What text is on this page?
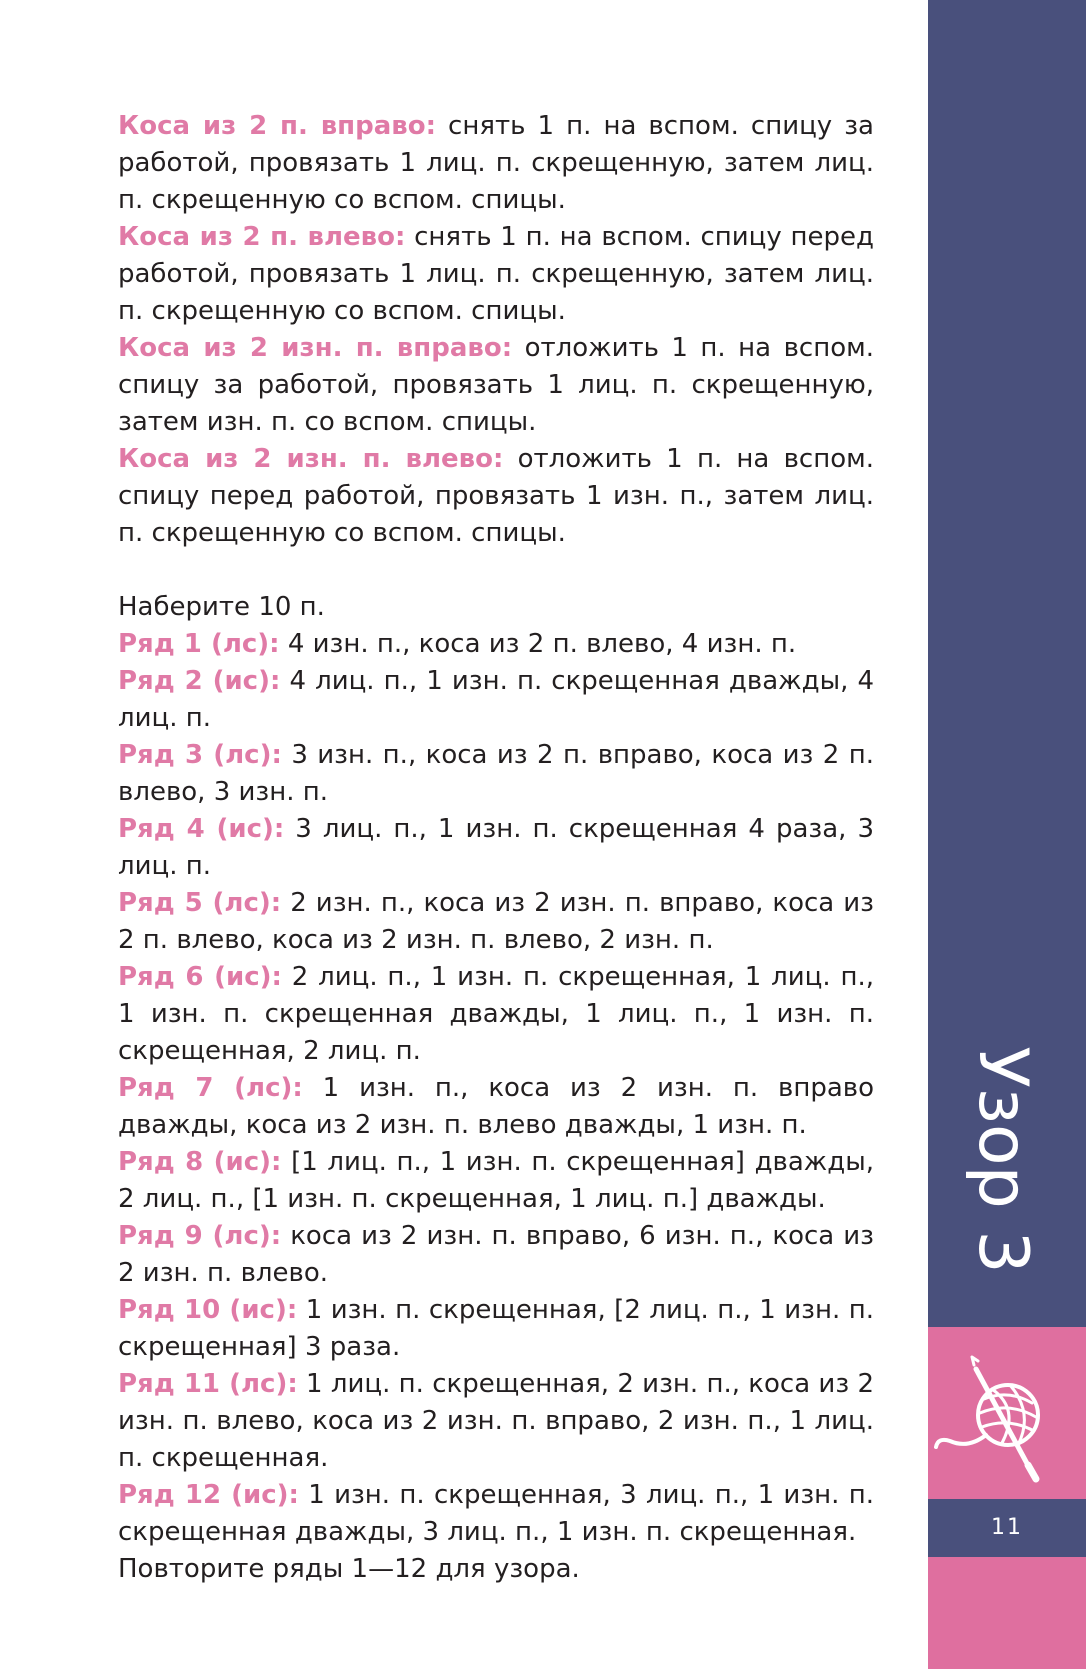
Коса из 2 п. вправо: снять 1 п. на вспом. спицу за работой, провязать 1 лиц. п. скрещенную, затем лиц. п. скрещенную со вспом. спицы.

Коса из 2 п. влево: снять 1 п. на вспом. спицу перед работой, провязать 1 лиц. п. скрещенную, затем лиц. п. скрещенную со вспом. спицы.

Коса из 2 изн. п. вправо: отложить 1 п. на вспом. спицу за работой, провязать 1 лиц. п. скрещенную, затем изн. п. со вспом. спицы.

Коса из 2 изн. п. влево: отложить 1 п. на вспом. спицу перед работой, провязать 1 изн. п., затем лиц. п. скрещенную со вспом. спицы.

Наберите 10 п.

Ряд 1 (лс): 4 изн. п., коса из 2 п. влево, 4 изн. п.

Ряд 2 (ис): 4 лиц. п., 1 изн. п. скрещенная дважды, 4 лиц. п.

Ряд 3 (лс): 3 изн. п., коса из 2 п. вправо, коса из 2 п. влево, 3 изн. п.

Ряд 4 (ис): 3 лиц. п., 1 изн. п. скрещенная 4 раза, 3 лиц. п.

Ряд 5 (лс): 2 изн. п., коса из 2 изн. п. вправо, коса из 2 п. влево, коса из 2 изн. п. влево, 2 изн. п.

Ряд 6 (ис): 2 лиц. п., 1 изн. п. скрещенная, 1 лиц. п., 1 изн. п. скрещенная дважды, 1 лиц. п., 1 изн. п. скрещенная, 2 лиц. п.

Ряд 7 (лс): 1 изн. п., коса из 2 изн. п. вправо дважды, коса из 2 изн. п. влево дважды, 1 изн. п.

Ряд 8 (ис): [1 лиц. п., 1 изн. п. скрещенная] дважды, 2 лиц. п., [1 изн. п. скрещенная, 1 лиц. п.] дважды.

Ряд 9 (лс): коса из 2 изн. п. вправо, 6 изн. п., коса из 2 изн. п. влево.

Ряд 10 (ис): 1 изн. п. скрещенная, [2 лиц. п., 1 изн. п. скрещенная] 3 раза.

Ряд 11 (лс): 1 лиц. п. скрещенная, 2 изн. п., коса из 2 изн. п. влево, коса из 2 изн. п. вправо, 2 изн. п., 1 лиц. п. скрещенная.

Ряд 12 (ис): 1 изн. п. скрещенная, 3 лиц. п., 1 изн. п. скрещенная дважды, 3 лиц. п., 1 изн. п. скрещенная.

Повторите ряды 1—12 для узора.

11
Узор 3
